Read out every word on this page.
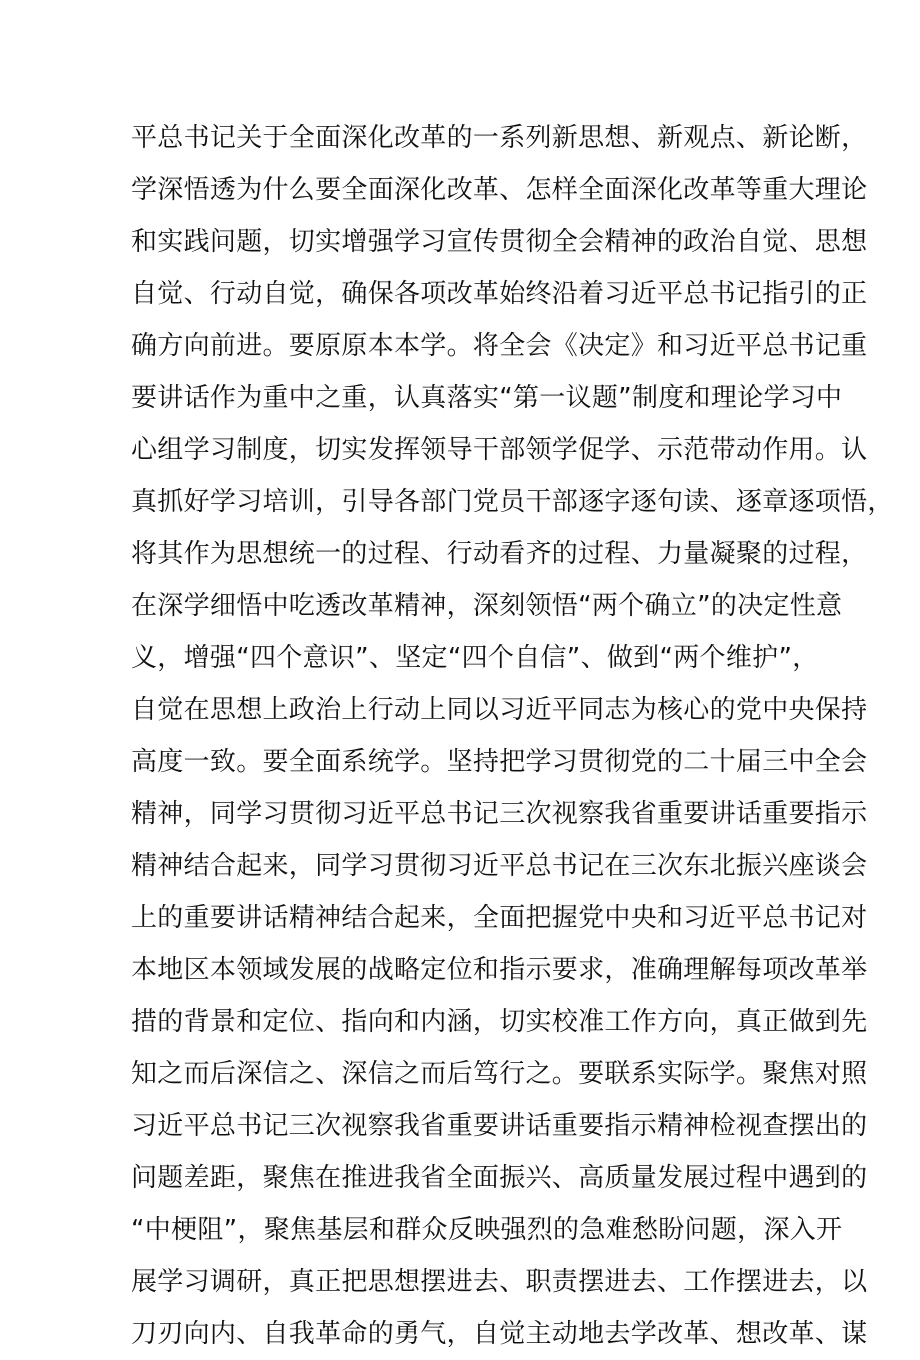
平总书记关于全面深化改革的一系列新思想、新观点、新论断，
学深悟透为什么要全面深化改革、怎样全面深化改革等重大理论
和实践问题，切实增强学习宣传贯彻全会精神的政治自觉、思想
自觉、行动自觉，确保各项改革始终沿着习近平总书记指引的正
确方向前进。要原原本本学。将全会《决定》和习近平总书记重
要讲话作为重中之重，认真落实“第一议题”制度和理论学习中
心组学习制度，切实发挥领导干部领学促学、示范带动作用。认
真抓好学习培训，引导各部门党员干部逐字逐句读、逐章逐项悟，
将其作为思想统一的过程、行动看齐的过程、力量凝聚的过程，
在深学细悟中吃透改革精神，深刻领悟“两个确立”的决定性意
义，增强“四个意识”、坚定“四个自信”、做到“两个维护”，
自觉在思想上政治上行动上同以习近平同志为核心的党中央保持
高度一致。要全面系统学。坚持把学习贯彻党的二十届三中全会
精神，同学习贯彻习近平总书记三次视察我省重要讲话重要指示
精神结合起来，同学习贯彻习近平总书记在三次东北振兴座谈会
上的重要讲话精神结合起来，全面把握党中央和习近平总书记对
本地区本领域发展的战略定位和指示要求，准确理解每项改革举
措的背景和定位、指向和内涵，切实校准工作方向，真正做到先
知之而后深信之、深信之而后笃行之。要联系实际学。聚焦对照
习近平总书记三次视察我省重要讲话重要指示精神检视查摆出的
问题差距，聚焦在推进我省全面振兴、高质量发展过程中遇到的
“中梗阻”，聚焦基层和群众反映强烈的急难愁盼问题，深入开
展学习调研，真正把思想摆进去、职责摆进去、工作摆进去，以
刀刃向内、自我革命的勇气，自觉主动地去学改革、想改革、谋
